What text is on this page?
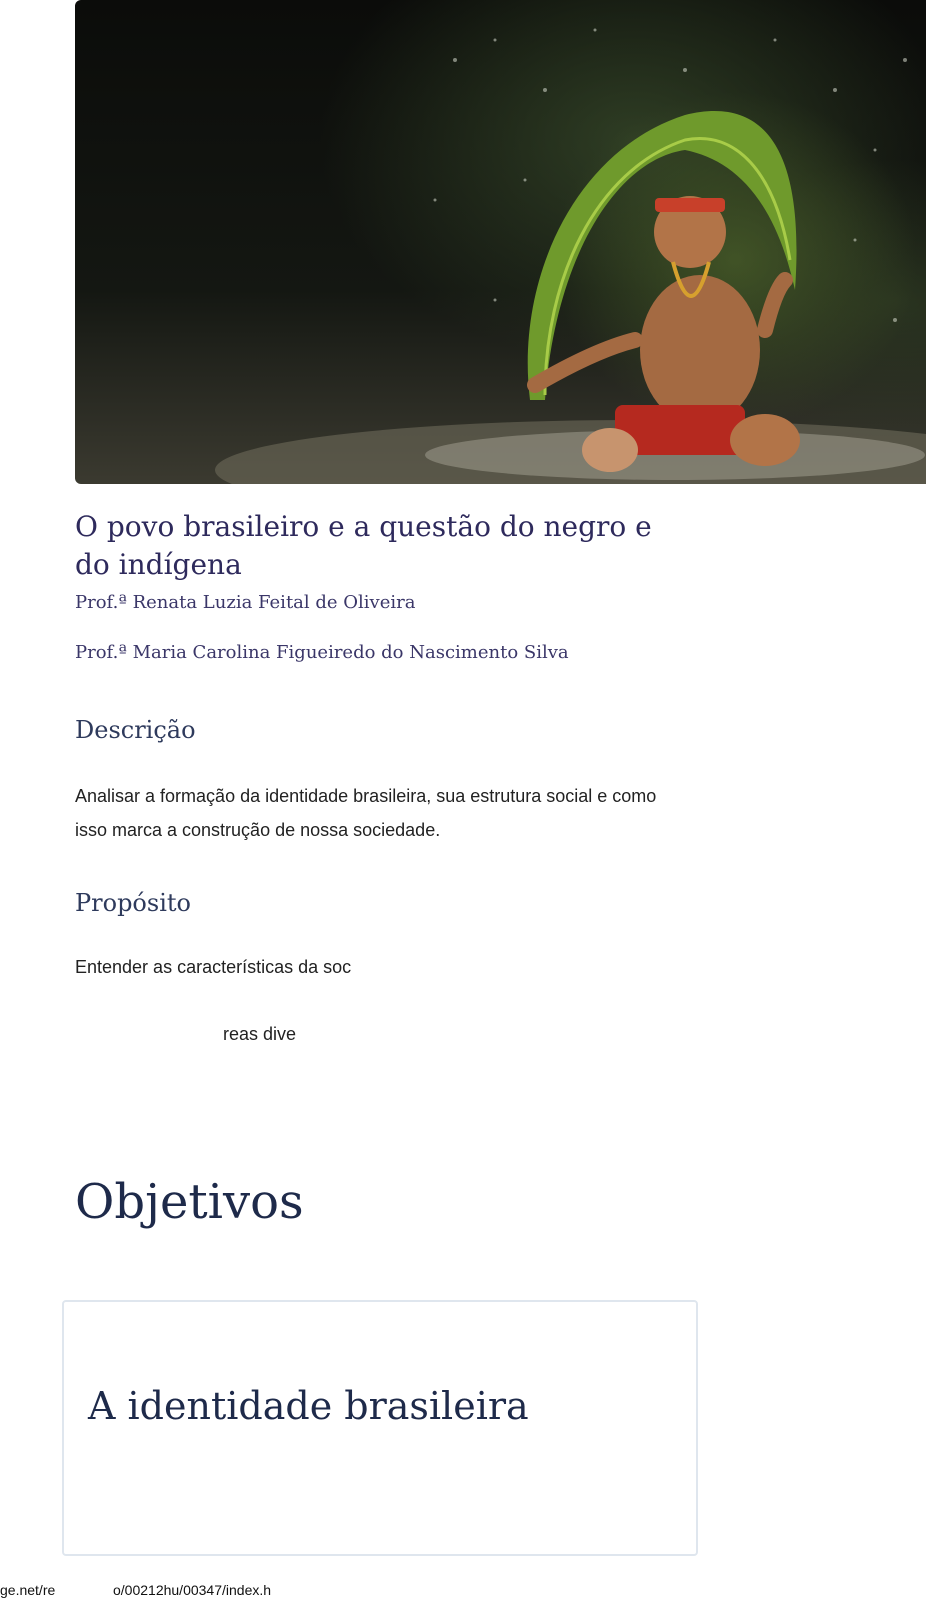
O povo brasileiro e a questão do negro e do indígena

Prof.ª Renata Luzia Feital de Oliveira

Prof.ª Maria Carolina Figueiredo do Nascimento Silva

Descrição

Analisar a formação da identidade brasileira, sua estrutura social e como isso marca a construção de nossa sociedade.

Propósito

Entender as características da soc

reas dive

Objetivos
A identidade brasileira

ge.net/re	o/00212hu/00347/index.h
